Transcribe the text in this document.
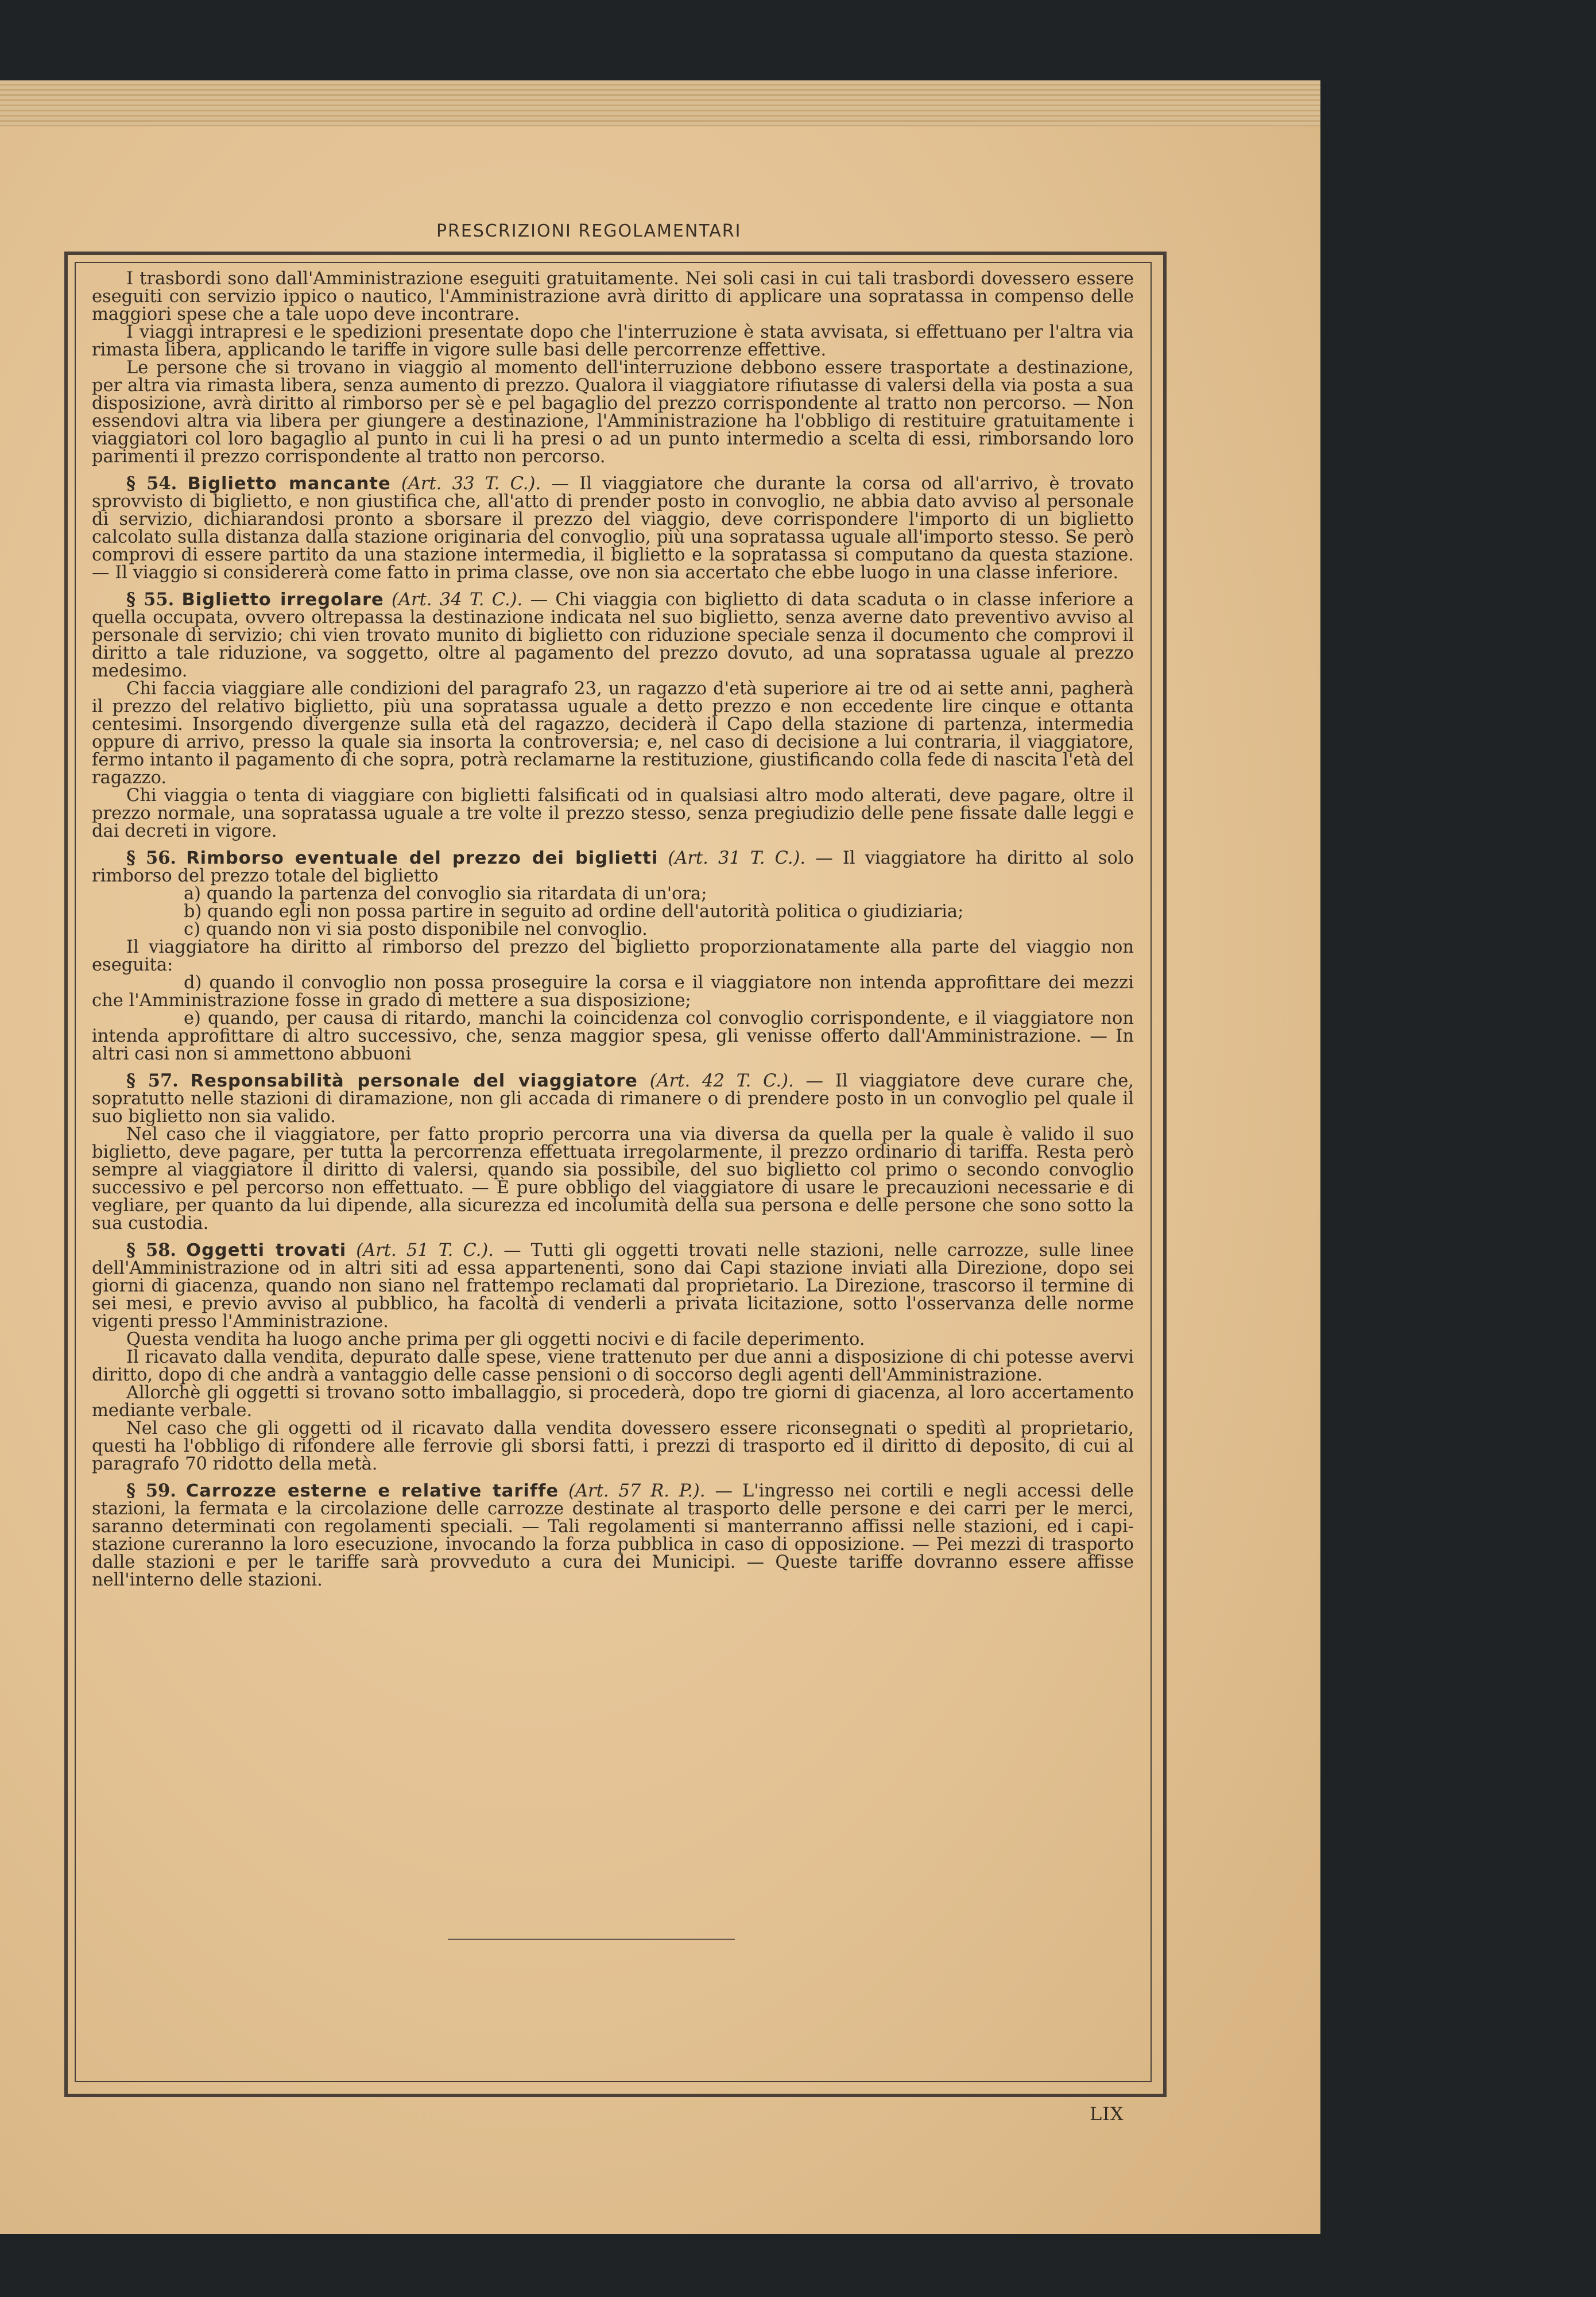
PRESCRIZIONI REGOLAMENTARI

I trasbordi sono dall'Amministrazione eseguiti gratuitamente. Nei soli casi in cui tali trasbordi dovessero essere eseguiti con servizio ippico o nautico, l'Amministrazione avrà diritto di applicare una sopratassa in compenso delle maggiori spese che a tale uopo deve incontrare.

I viaggi intrapresi e le spedizioni presentate dopo che l'interruzione è stata avvisata, si effettuano per l'altra via rimasta libera, applicando le tariffe in vigore sulle basi delle percorrenze effettive.

Le persone che si trovano in viaggio al momento dell'interruzione debbono essere trasportate a destinazione, per altra via rimasta libera, senza aumento di prezzo. Qualora il viaggiatore rifiutasse di valersi della via posta a sua disposizione, avrà diritto al rimborso per sè e pel bagaglio del prezzo corrispondente al tratto non percorso. — Non essendovi altra via libera per giungere a destinazione, l'Amministrazione ha l'obbligo di restituire gratuitamente i viaggiatori col loro bagaglio al punto in cui li ha presi o ad un punto intermedio a scelta di essi, rimborsando loro parimenti il prezzo corrispondente al tratto non percorso.

§ 54. Biglietto mancante (Art. 33 T. C.). — Il viaggiatore che durante la corsa od all'arrivo, è trovato sprovvisto di biglietto, e non giustifica che, all'atto di prender posto in convoglio, ne abbia dato avviso al personale di servizio, dichiarandosi pronto a sborsare il prezzo del viaggio, deve corrispondere l'importo di un biglietto calcolato sulla distanza dalla stazione originaria del convoglio, più una sopratassa uguale all'importo stesso. Se però comprovi di essere partito da una stazione intermedia, il biglietto e la sopratassa si computano da questa stazione. — Il viaggio si considererà come fatto in prima classe, ove non sia accertato che ebbe luogo in una classe inferiore.

§ 55. Biglietto irregolare (Art. 34 T. C.). — Chi viaggia con biglietto di data scaduta o in classe inferiore a quella occupata, ovvero oltrepassa la destinazione indicata nel suo biglietto, senza averne dato preventivo avviso al personale di servizio; chi vien trovato munito di biglietto con riduzione speciale senza il documento che comprovi il diritto a tale riduzione, va soggetto, oltre al pagamento del prezzo dovuto, ad una sopratassa uguale al prezzo medesimo.

Chi faccia viaggiare alle condizioni del paragrafo 23, un ragazzo d'età superiore ai tre od ai sette anni, pagherà il prezzo del relativo biglietto, più una sopratassa uguale a detto prezzo e non eccedente lire cinque e ottanta centesimi. Insorgendo divergenze sulla età del ragazzo, deciderà il Capo della stazione di partenza, intermedia oppure di arrivo, presso la quale sia insorta la controversia; e, nel caso di decisione a lui contraria, il viaggiatore, fermo intanto il pagamento di che sopra, potrà reclamarne la restituzione, giustificando colla fede di nascita l'età del ragazzo.

Chi viaggia o tenta di viaggiare con biglietti falsificati od in qualsiasi altro modo alterati, deve pagare, oltre il prezzo normale, una sopratassa uguale a tre volte il prezzo stesso, senza pregiudizio delle pene fissate dalle leggi e dai decreti in vigore.

§ 56. Rimborso eventuale del prezzo dei biglietti (Art. 31 T. C.). — Il viaggiatore ha diritto al solo rimborso del prezzo totale del biglietto

a) quando la partenza del convoglio sia ritardata di un'ora;

b) quando egli non possa partire in seguito ad ordine dell'autorità politica o giudiziaria;

c) quando non vi sia posto disponibile nel convoglio.

Il viaggiatore ha diritto al rimborso del prezzo del biglietto proporzionatamente alla parte del viaggio non eseguita:

d) quando il convoglio non possa proseguire la corsa e il viaggiatore non intenda approfittare dei mezzi che l'Amministrazione fosse in grado di mettere a sua disposizione;

e) quando, per causa di ritardo, manchi la coincidenza col convoglio corrispondente, e il viaggiatore non intenda approfittare di altro successivo, che, senza maggior spesa, gli venisse offerto dall'Amministrazione. — In altri casi non si ammettono abbuoni

§ 57. Responsabilità personale del viaggiatore (Art. 42 T. C.). — Il viaggiatore deve curare che, sopratutto nelle stazioni di diramazione, non gli accada di rimanere o di prendere posto in un convoglio pel quale il suo biglietto non sia valido.

Nel caso che il viaggiatore, per fatto proprio percorra una via diversa da quella per la quale è valido il suo biglietto, deve pagare, per tutta la percorrenza effettuata irregolarmente, il prezzo ordinario di tariffa. Resta però sempre al viaggiatore il diritto di valersi, quando sia possibile, del suo biglietto col primo o secondo convoglio successivo e pel percorso non effettuato. — È pure obbligo del viaggiatore di usare le precauzioni necessarie e di vegliare, per quanto da lui dipende, alla sicurezza ed incolumità della sua persona e delle persone che sono sotto la sua custodia.

§ 58. Oggetti trovati (Art. 51 T. C.). — Tutti gli oggetti trovati nelle stazioni, nelle carrozze, sulle linee dell'Amministrazione od in altri siti ad essa appartenenti, sono dai Capi stazione inviati alla Direzione, dopo sei giorni di giacenza, quando non siano nel frattempo reclamati dal proprietario. La Direzione, trascorso il termine di sei mesi, e previo avviso al pubblico, ha facoltà di venderli a privata licitazione, sotto l'osservanza delle norme vigenti presso l'Amministrazione.

Questa vendita ha luogo anche prima per gli oggetti nocivi e di facile deperimento.

Il ricavato dalla vendita, depurato dalle spese, viene trattenuto per due anni a disposizione di chi potesse avervi diritto, dopo di che andrà a vantaggio delle casse pensioni o di soccorso degli agenti dell'Amministrazione.

Allorchè gli oggetti si trovano sotto imballaggio, si procederà, dopo tre giorni di giacenza, al loro accertamento mediante verbale.

Nel caso che gli oggetti od il ricavato dalla vendita dovessero essere riconsegnati o speditì al proprietario, questi ha l'obbligo di rifondere alle ferrovie gli sborsi fatti, i prezzi di trasporto ed il diritto di deposito, di cui al paragrafo 70 ridotto della metà.

§ 59. Carrozze esterne e relative tariffe (Art. 57 R. P.). — L'ingresso nei cortili e negli accessi delle stazioni, la fermata e la circolazione delle carrozze destinate al trasporto delle persone e dei carri per le merci, saranno determinati con regolamenti speciali. — Tali regolamenti si manterranno affissi nelle stazioni, ed i capi-stazione cureranno la loro esecuzione, invocando la forza pubblica in caso di opposizione. — Pei mezzi di trasporto dalle stazioni e per le tariffe sarà provveduto a cura dei Municipi. — Queste tariffe dovranno essere affisse nell'interno delle stazioni.

LIX
